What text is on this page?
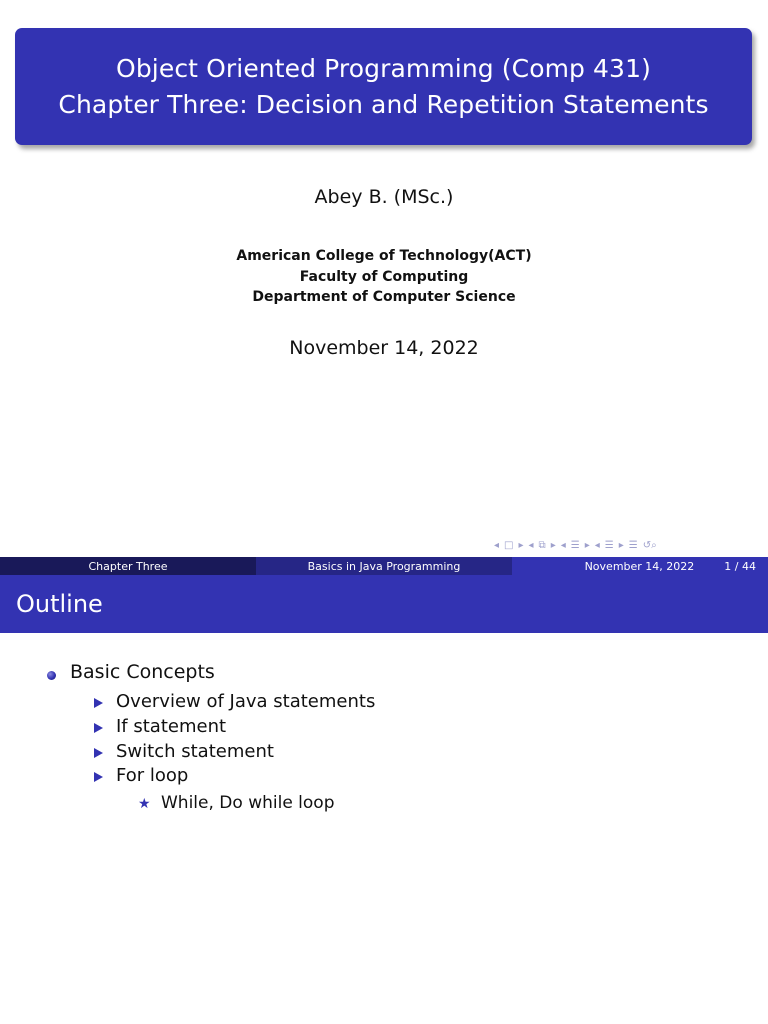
Object Oriented Programming (Comp 431)
Chapter Three: Decision and Repetition Statements
Abey B. (MSc.)
American College of Technology(ACT)
Faculty of Computing
Department of Computer Science
November 14, 2022
◂ □ ▸ ◂ ⧉ ▸ ◂ ☰ ▸ ◂ ☰ ▸ ☰ ↺⌕
Chapter Three	Basics in Java Programming	November 14, 2022	1 / 44
Outline
Basic Concepts
Overview of Java statements
If statement
Switch statement
For loop
★ While, Do while loop
